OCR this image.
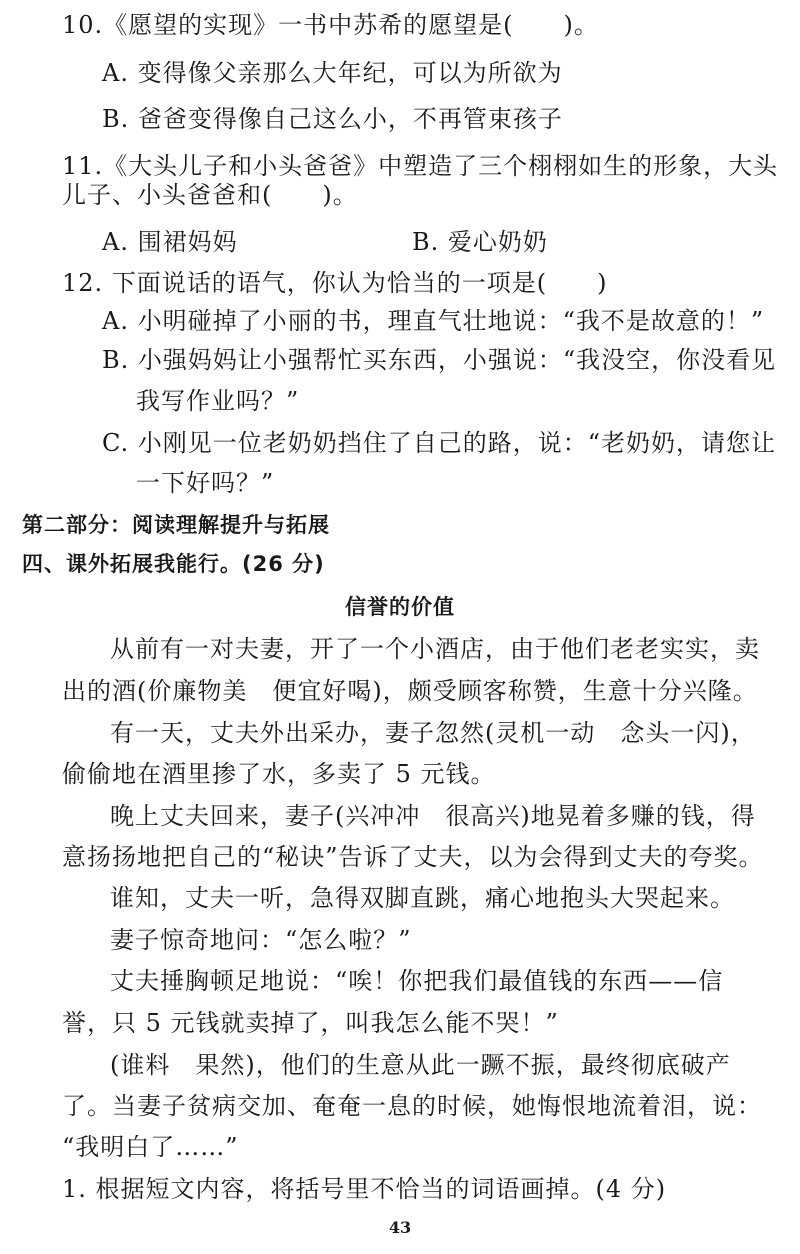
10.《愿望的实现》一书中苏希的愿望是(　　)。
A. 变得像父亲那么大年纪，可以为所欲为
B. 爸爸变得像自己这么小，不再管束孩子
11.《大头儿子和小头爸爸》中塑造了三个栩栩如生的形象，大头
儿子、小头爸爸和(　　)。
A. 围裙妈妈	B. 爱心奶奶
12. 下面说话的语气，你认为恰当的一项是(　　)
A. 小明碰掉了小丽的书，理直气壮地说：“我不是故意的！”
B. 小强妈妈让小强帮忙买东西，小强说：“我没空，你没看见
我写作业吗？”
C. 小刚见一位老奶奶挡住了自己的路，说：“老奶奶，请您让
一下好吗？”
第二部分：阅读理解提升与拓展
四、课外拓展我能行。(26 分)
信誉的价值
从前有一对夫妻，开了一个小酒店，由于他们老老实实，卖
出的酒(价廉物美　便宜好喝)，颇受顾客称赞，生意十分兴隆。
有一天，丈夫外出采办，妻子忽然(灵机一动　念头一闪)，
偷偷地在酒里掺了水，多卖了 5 元钱。
晚上丈夫回来，妻子(兴冲冲　很高兴)地晃着多赚的钱，得
意扬扬地把自己的“秘诀”告诉了丈夫，以为会得到丈夫的夸奖。
谁知，丈夫一听，急得双脚直跳，痛心地抱头大哭起来。
妻子惊奇地问：“怎么啦？”
丈夫捶胸顿足地说：“唉！你把我们最值钱的东西——信
誉，只 5 元钱就卖掉了，叫我怎么能不哭！”
(谁料　果然)，他们的生意从此一蹶不振，最终彻底破产
了。当妻子贫病交加、奄奄一息的时候，她悔恨地流着泪，说：
“我明白了……”
1. 根据短文内容，将括号里不恰当的词语画掉。(4 分)
43
